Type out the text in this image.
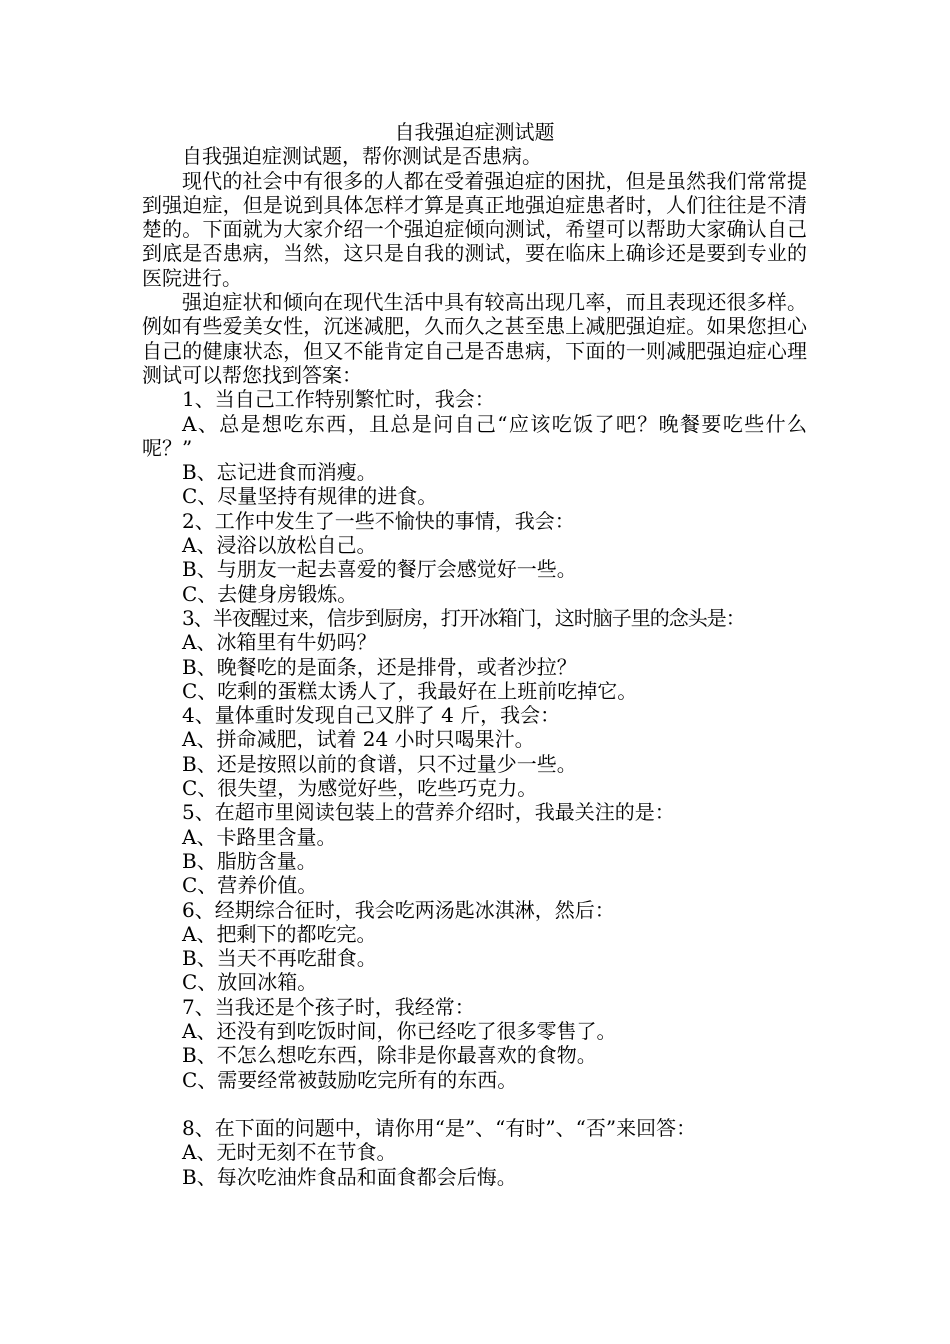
自我强迫症测试题

自我强迫症测试题，帮你测试是否患病。

现代的社会中有很多的人都在受着强迫症的困扰，但是虽然我们常常提到强迫症，但是说到具体怎样才算是真正地强迫症患者时，人们往往是不清楚的。下面就为大家介绍一个强迫症倾向测试，希望可以帮助大家确认自己到底是否患病，当然，这只是自我的测试，要在临床上确诊还是要到专业的医院进行。

强迫症状和倾向在现代生活中具有较高出现几率，而且表现还很多样。例如有些爱美女性，沉迷减肥，久而久之甚至患上减肥强迫症。如果您担心自己的健康状态，但又不能肯定自己是否患病，下面的一则减肥强迫症心理测试可以帮您找到答案：

1、当自己工作特别繁忙时，我会：

A、总是想吃东西，且总是问自己“应该吃饭了吧？晚餐要吃些什么呢？”

B、忘记进食而消瘦。

C、尽量坚持有规律的进食。

2、工作中发生了一些不愉快的事情，我会：

A、浸浴以放松自己。

B、与朋友一起去喜爱的餐厅会感觉好一些。

C、去健身房锻炼。

3、半夜醒过来，信步到厨房，打开冰箱门，这时脑子里的念头是：

A、冰箱里有牛奶吗？

B、晚餐吃的是面条，还是排骨，或者沙拉？

C、吃剩的蛋糕太诱人了，我最好在上班前吃掉它。

4、量体重时发现自己又胖了 4 斤，我会：

A、拼命减肥，试着 24 小时只喝果汁。

B、还是按照以前的食谱，只不过量少一些。

C、很失望，为感觉好些，吃些巧克力。

5、在超市里阅读包装上的营养介绍时，我最关注的是：

A、卡路里含量。

B、脂肪含量。

C、营养价值。

6、经期综合征时，我会吃两汤匙冰淇淋，然后：

A、把剩下的都吃完。

B、当天不再吃甜食。

C、放回冰箱。

7、当我还是个孩子时，我经常：

A、还没有到吃饭时间，你已经吃了很多零售了。

B、不怎么想吃东西，除非是你最喜欢的食物。

C、需要经常被鼓励吃完所有的东西。

8、在下面的问题中，请你用“是”、“有时”、“否”来回答：

A、无时无刻不在节食。

B、每次吃油炸食品和面食都会后悔。
